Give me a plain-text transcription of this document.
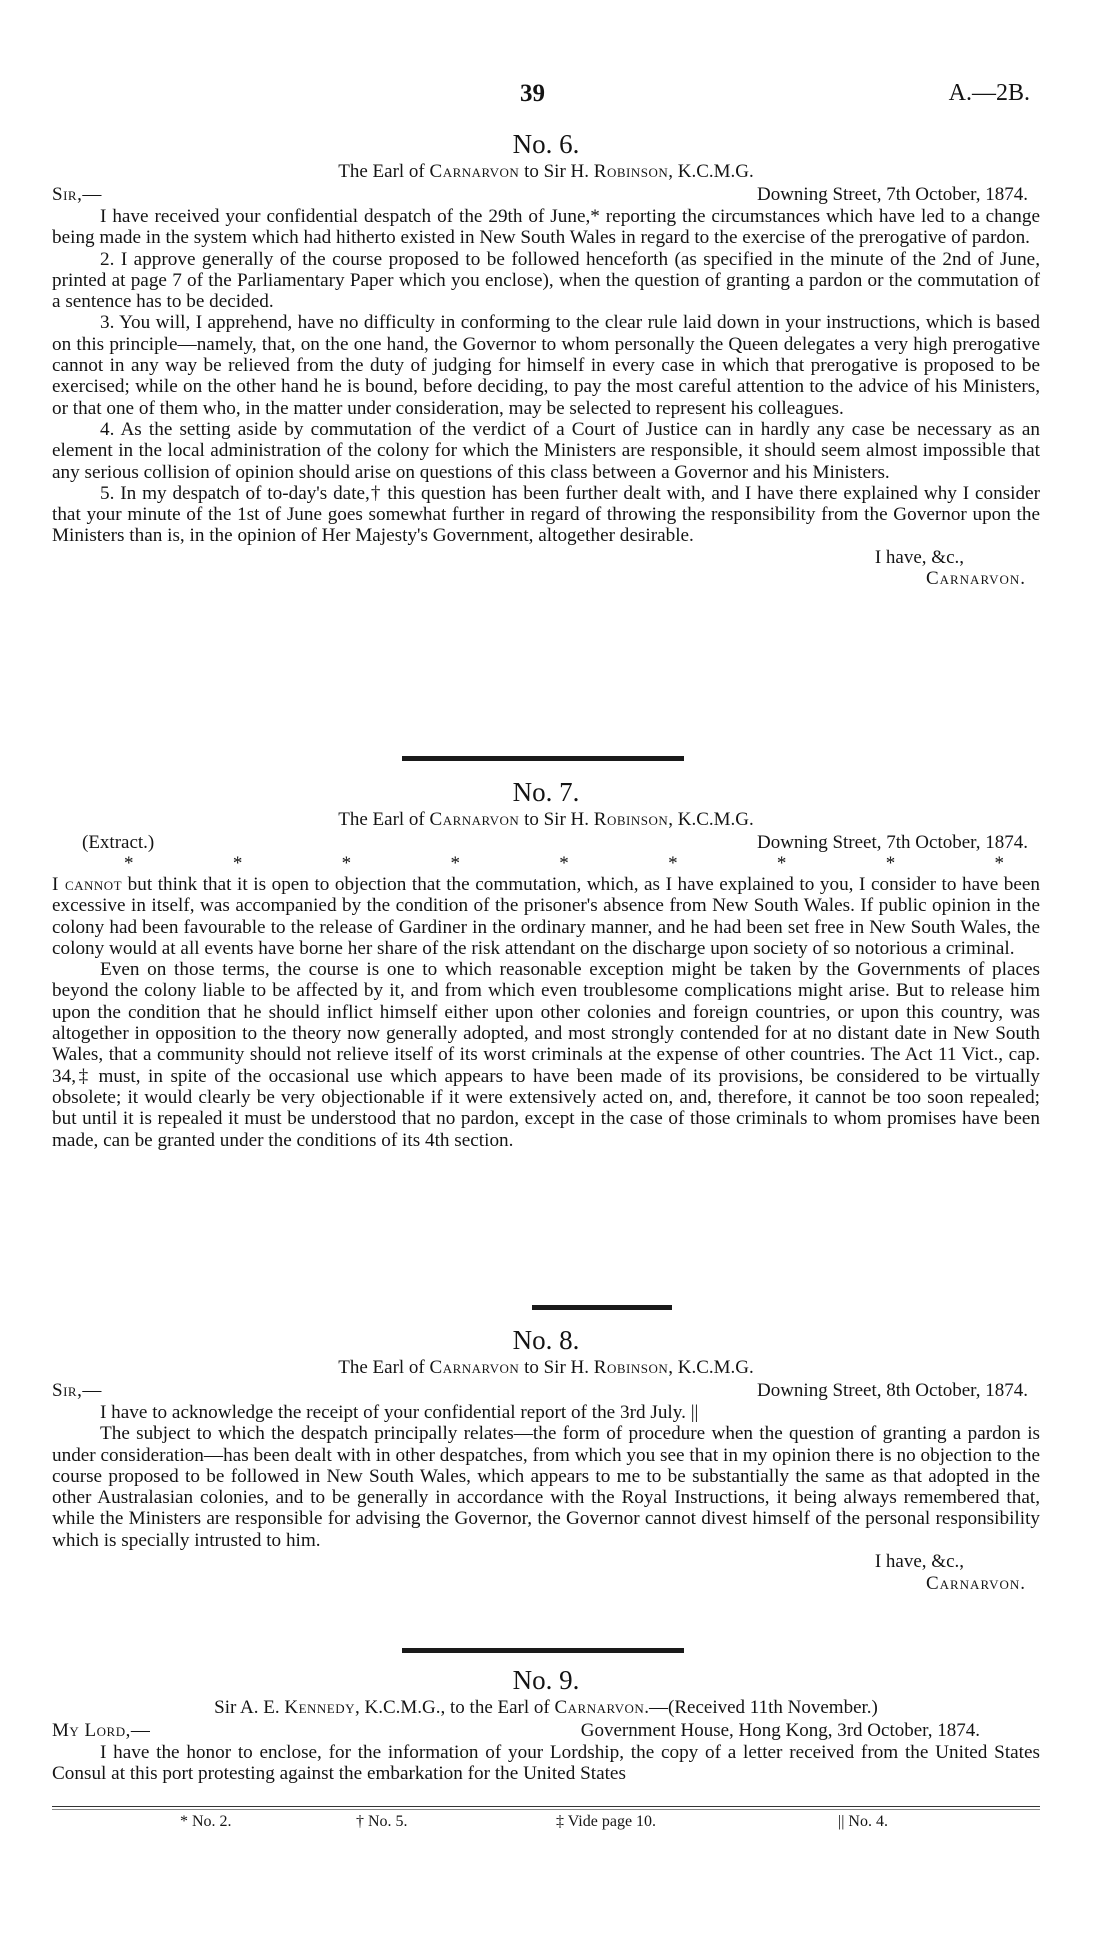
39	A.—2B.
No. 6.
The Earl of Carnarvon to Sir H. Robinson, K.C.M.G.
Sir,—	Downing Street, 7th October, 1874.

I have received your confidential despatch of the 29th of June,* reporting the circumstances which have led to a change being made in the system which had hitherto existed in New South Wales in regard to the exercise of the prerogative of pardon.

2. I approve generally of the course proposed to be followed henceforth (as specified in the minute of the 2nd of June, printed at page 7 of the Parliamentary Paper which you enclose), when the question of granting a pardon or the commutation of a sentence has to be decided.

3. You will, I apprehend, have no difficulty in conforming to the clear rule laid down in your instructions, which is based on this principle—namely, that, on the one hand, the Governor to whom personally the Queen delegates a very high prerogative cannot in any way be relieved from the duty of judging for himself in every case in which that prerogative is proposed to be exercised; while on the other hand he is bound, before deciding, to pay the most careful attention to the advice of his Ministers, or that one of them who, in the matter under consideration, may be selected to represent his colleagues.

4. As the setting aside by commutation of the verdict of a Court of Justice can in hardly any case be necessary as an element in the local administration of the colony for which the Ministers are responsible, it should seem almost impossible that any serious collision of opinion should arise on questions of this class between a Governor and his Ministers.

5. In my despatch of to-day's date,† this question has been further dealt with, and I have there explained why I consider that your minute of the 1st of June goes somewhat further in regard of throwing the responsibility from the Governor upon the Ministers than is, in the opinion of Her Majesty's Government, altogether desirable.

I have, &c.,
Carnarvon.
No. 7.
The Earl of Carnarvon to Sir H. Robinson, K.C.M.G.
(Extract.)	Downing Street, 7th October, 1874.
*	*	*	*	*	*	*	*	*

I cannot but think that it is open to objection that the commutation, which, as I have explained to you, I consider to have been excessive in itself, was accompanied by the condition of the prisoner's absence from New South Wales. If public opinion in the colony had been favourable to the release of Gardiner in the ordinary manner, and he had been set free in New South Wales, the colony would at all events have borne her share of the risk attendant on the discharge upon society of so notorious a criminal.

Even on those terms, the course is one to which reasonable exception might be taken by the Governments of places beyond the colony liable to be affected by it, and from which even troublesome complications might arise. But to release him upon the condition that he should inflict himself either upon other colonies and foreign countries, or upon this country, was altogether in opposition to the theory now generally adopted, and most strongly contended for at no distant date in New South Wales, that a community should not relieve itself of its worst criminals at the expense of other countries. The Act 11 Vict., cap. 34,‡ must, in spite of the occasional use which appears to have been made of its provisions, be considered to be virtually obsolete; it would clearly be very objectionable if it were extensively acted on, and, therefore, it cannot be too soon repealed; but until it is repealed it must be understood that no pardon, except in the case of those criminals to whom promises have been made, can be granted under the conditions of its 4th section.

No. 8.
The Earl of Carnarvon to Sir H. Robinson, K.C.M.G.
Sir,—	Downing Street, 8th October, 1874.

I have to acknowledge the receipt of your confidential report of the 3rd July. ||

The subject to which the despatch principally relates—the form of procedure when the question of granting a pardon is under consideration—has been dealt with in other despatches, from which you see that in my opinion there is no objection to the course proposed to be followed in New South Wales, which appears to me to be substantially the same as that adopted in the other Australasian colonies, and to be generally in accordance with the Royal Instructions, it being always remembered that, while the Ministers are responsible for advising the Governor, the Governor cannot divest himself of the personal responsibility which is specially intrusted to him.

I have, &c.,
Carnarvon.
No. 9.
Sir A. E. Kennedy, K.C.M.G., to the Earl of Carnarvon.—(Received 11th November.)
My Lord,—	Government House, Hong Kong, 3rd October, 1874.

I have the honor to enclose, for the information of your Lordship, the copy of a letter received from the United States Consul at this port protesting against the embarkation for the United States

* No. 2.	† No. 5.	‡ Vide page 10.	|| No. 4.
